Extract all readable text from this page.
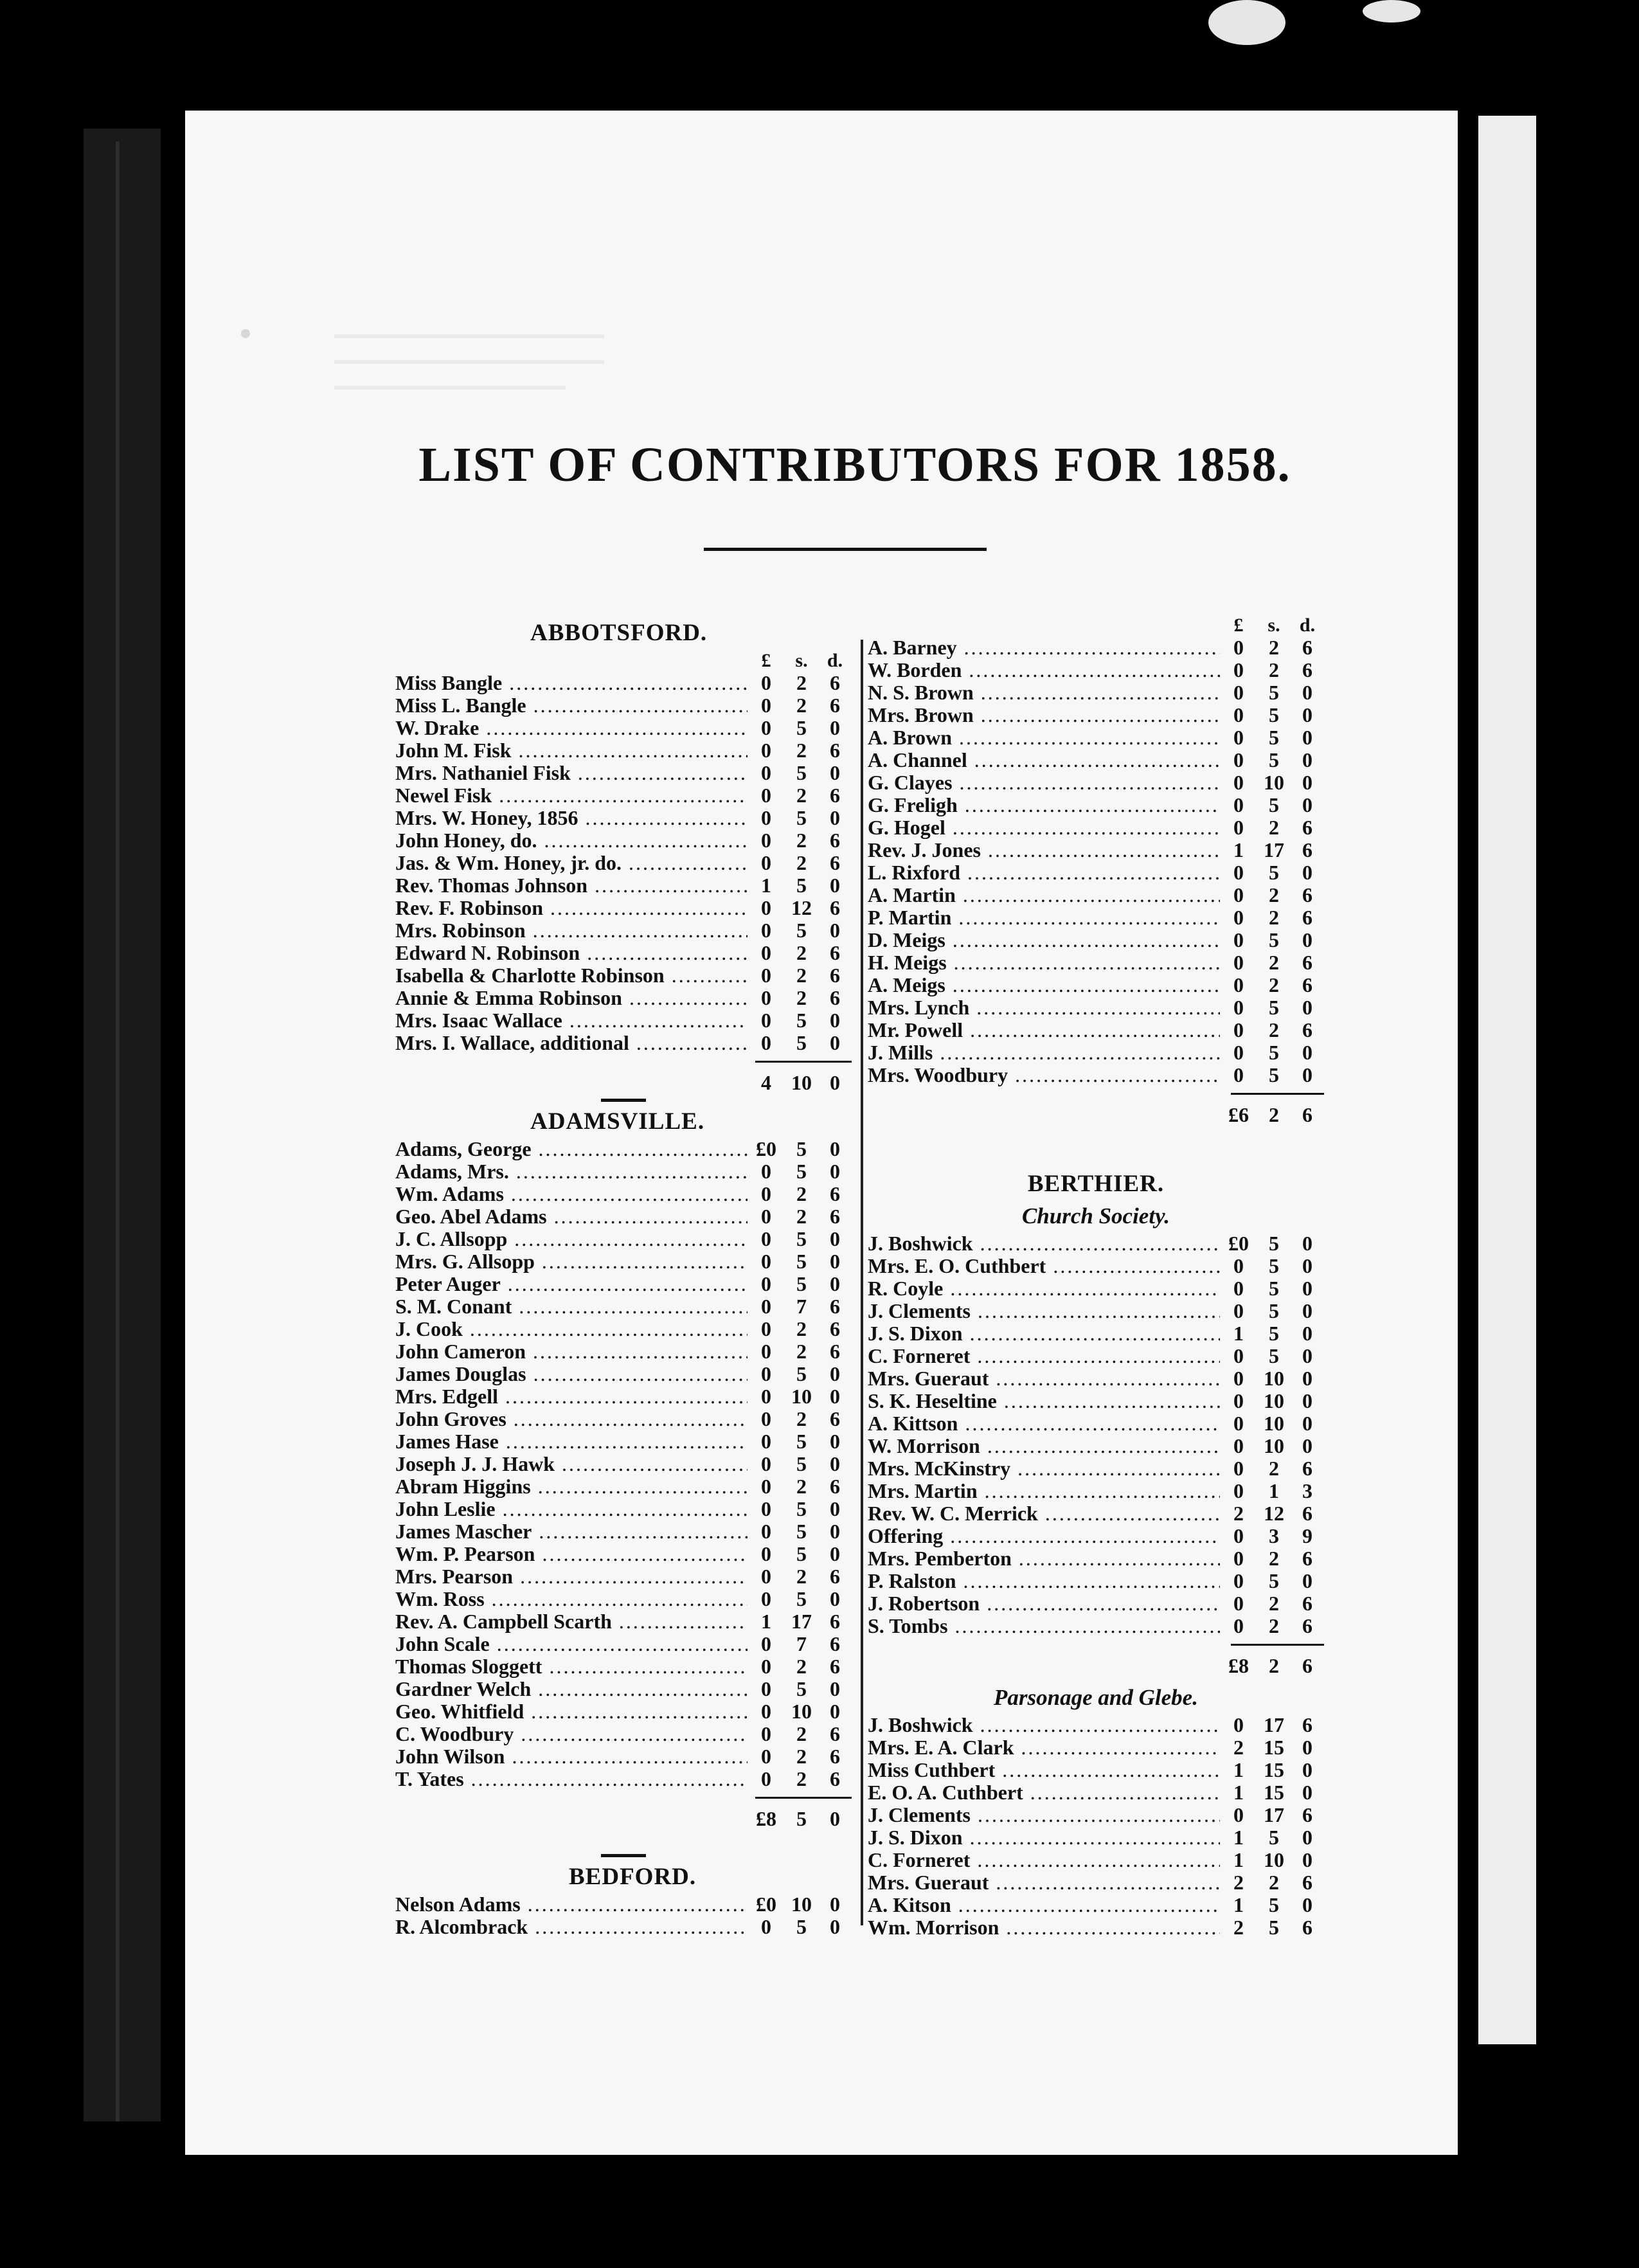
LIST OF CONTRIBUTORS FOR 1858.
ABBOTSFORD.
£	s.	d.
Miss Bangle .....	0	2	6
Miss L. Bangle .....	0	2	6
W. Drake .....	0	5	0
John M. Fisk .....	0	2	6
Mrs. Nathaniel Fisk .....	0	5	0
Newel Fisk .....	0	2	6
Mrs. W. Honey, 1856 .....	0	5	0
John Honey, do. .....	0	2	6
Jas. & Wm. Honey, jr. do. .....	0	2	6
Rev. Thomas Johnson .....	1	5	0
Rev. F. Robinson .....	0 12 6
Mrs. Robinson .....	0	5	0
Edward N. Robinson .....	0	2	6
Isabella & Charlotte Robinson .....	0	2	6
Annie & Emma Robinson .....	0	2	6
Mrs. Isaac Wallace .....	0	5	0
Mrs. I. Wallace, additional .....	0	5	0
4 10 0
ADAMSVILLE.
Adams, George .....	£0 5	0
Adams, Mrs. .....	0	5	0
Wm. Adams .....	0	2	6
Geo. Abel Adams .....	0	2	6
J. C. Allsopp .....	0	5	0
Mrs. G. Allsopp .....	0	5	0
Peter Auger .....	0	5	0
S. M. Conant .....	0	7	6
J. Cook .....	0	2	6
John Cameron .....	0	2	6
James Douglas .....	0	5	0
Mrs. Edgell .....	0 10 0
John Groves .....	0	2	6
James Hase .....	0	5	0
Joseph J. J. Hawk .....	0	5	0
Abram Higgins .....	0	2	6
John Leslie .....	0	5	0
James Mascher .....	0	5	0
Wm. P. Pearson .....	0	5	0
Mrs. Pearson .....	0	2	6
Wm. Ross .....	0	5	0
Rev. A. Campbell Scarth .....	1 17 6
John Scale .....	0	7	6
Thomas Sloggett .....	0	2	6
Gardner Welch .....	0	5	0
Geo. Whitfield .....	0 10 0
C. Woodbury .....	0	2	6
John Wilson .....	0	2	6
T. Yates .....	0	2	6
£8 5	0
BEDFORD.
Nelson Adams .....	£0 10 0
R. Alcombrack .....	0	5	0
£	s.	d.
A. Barney .....	0	2	6
W. Borden .....	0	2	6
N. S. Brown .....	0	5	0
Mrs. Brown .....	0	5	0
A. Brown .....	0	5	0
A. Channel .....	0	5	0
G. Clayes .....	0 10 0
G. Freligh .....	0	5	0
G. Hogel .....	0	2	6
Rev. J. Jones .....	1 17 6
L. Rixford .....	0	5	0
A. Martin .....	0	2	6
P. Martin .....	0	2	6
D. Meigs .....	0	5	0
H. Meigs .....	0	2	6
A. Meigs .....	0	2	6
Mrs. Lynch .....	0	5	0
Mr. Powell .....	0	2	6
J. Mills .....	0	5	0
Mrs. Woodbury .....	0	5	0
£6 2	6
BERTHIER.
Church Society.
J. Boshwick .....	£0 5	0
Mrs. E. O. Cuthbert .....	0	5	0
R. Coyle .....	0	5	0
J. Clements .....	0	5	0
J. S. Dixon .....	1	5	0
C. Forneret .....	0	5	0
Mrs. Gueraut .....	0 10 0
S. K. Heseltine .....	0 10 0
A. Kittson .....	0 10 0
W. Morrison .....	0 10 0
Mrs. McKinstry .....	0	2	6
Mrs. Martin .....	0	1	3
Rev. W. C. Merrick .....	2 12 6
Offering .....	0	3	9
Mrs. Pemberton .....	0	2	6
P. Ralston .....	0	5	0
J. Robertson .....	0	2	6
S. Tombs .....	0	2	6
£8 2	6
Parsonage and Glebe.
J. Boshwick .....	0 17 6
Mrs. E. A. Clark .....	2 15 0
Miss Cuthbert .....	1 15 0
E. O. A. Cuthbert .....	1 15 0
J. Clements .....	0 17 6
J. S. Dixon .....	1	5	0
C. Forneret .....	1 10 0
Mrs. Gueraut .....	2	2	6
A. Kitson .....	1	5	0
Wm. Morrison .....	2	5	6
